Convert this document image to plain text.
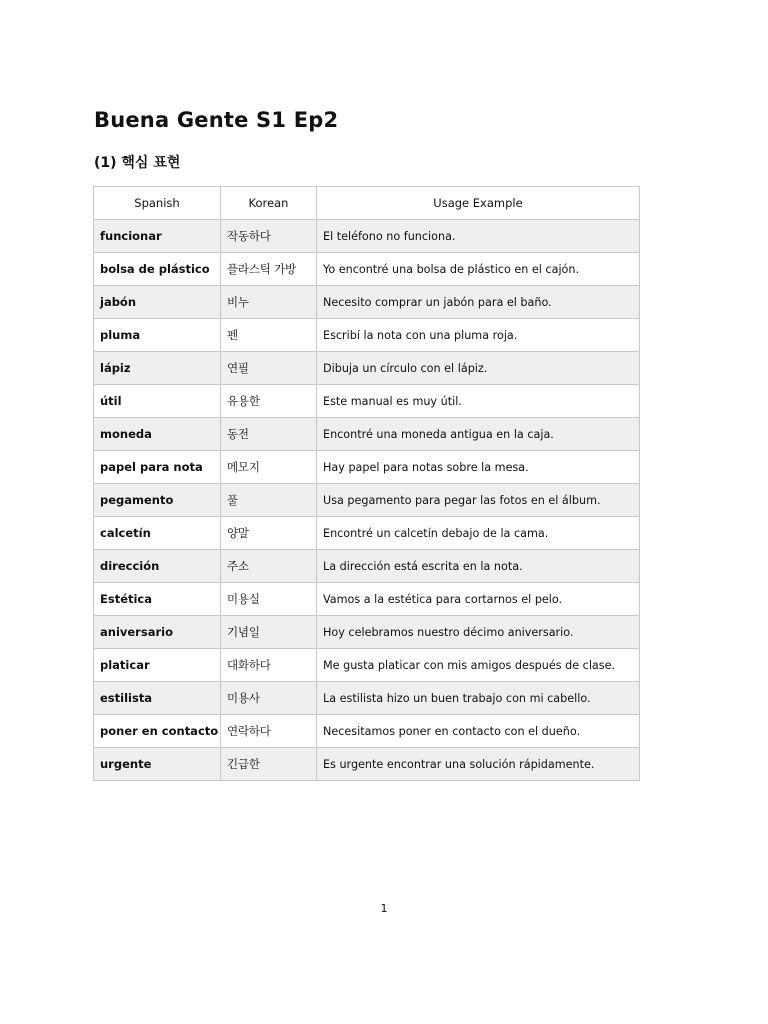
Buena Gente S1 Ep2
(1) 핵심 표현
Spanish	Korean	Usage Example
funcionar	작동하다	El teléfono no funciona.
bolsa de plástico	플라스틱 가방	Yo encontré una bolsa de plástico en el cajón.
jabón	비누	Necesito comprar un jabón para el baño.
pluma	펜	Escribí la nota con una pluma roja.
lápiz	연필	Dibuja un círculo con el lápiz.
útil	유용한	Este manual es muy útil.
moneda	동전	Encontré una moneda antigua en la caja.
papel para nota	메모지	Hay papel para notas sobre la mesa.
pegamento	풀	Usa pegamento para pegar las fotos en el álbum.
calcetín	양말	Encontré un calcetín debajo de la cama.
dirección	주소	La dirección está escrita en la nota.
Estética	미용실	Vamos a la estética para cortarnos el pelo.
aniversario	기념일	Hoy celebramos nuestro décimo aniversario.
platicar	대화하다	Me gusta platicar con mis amigos después de clase.
estilista	미용사	La estilista hizo un buen trabajo con mi cabello.
poner en contacto	연락하다	Necesitamos poner en contacto con el dueño.
urgente	긴급한	Es urgente encontrar una solución rápidamente.
1
